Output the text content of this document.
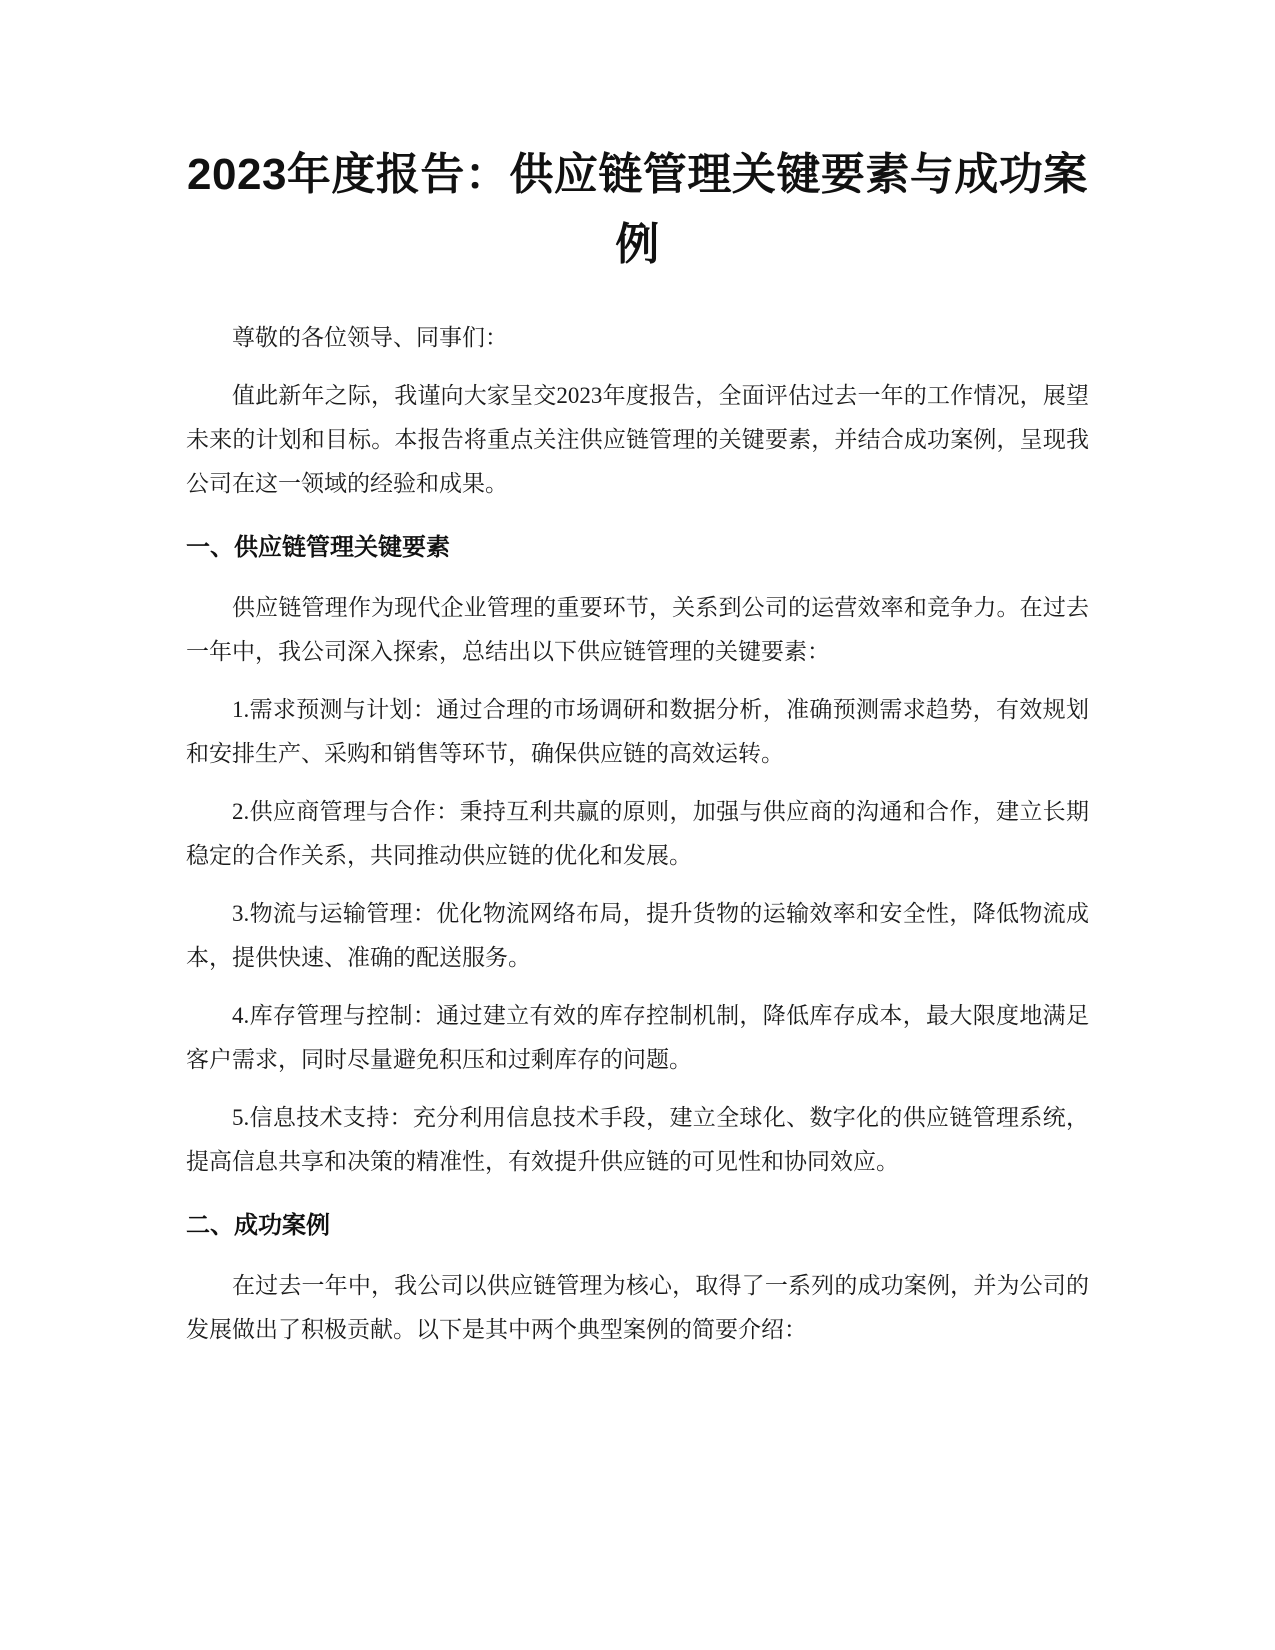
2023年度报告：供应链管理关键要素与成功案例

尊敬的各位领导、同事们：

值此新年之际，我谨向大家呈交2023年度报告，全面评估过去一年的工作情况，展望未来的计划和目标。本报告将重点关注供应链管理的关键要素，并结合成功案例，呈现我公司在这一领域的经验和成果。

一、供应链管理关键要素

供应链管理作为现代企业管理的重要环节，关系到公司的运营效率和竞争力。在过去一年中，我公司深入探索，总结出以下供应链管理的关键要素：

1.需求预测与计划：通过合理的市场调研和数据分析，准确预测需求趋势，有效规划和安排生产、采购和销售等环节，确保供应链的高效运转。

2.供应商管理与合作：秉持互利共赢的原则，加强与供应商的沟通和合作，建立长期稳定的合作关系，共同推动供应链的优化和发展。

3.物流与运输管理：优化物流网络布局，提升货物的运输效率和安全性，降低物流成本，提供快速、准确的配送服务。

4.库存管理与控制：通过建立有效的库存控制机制，降低库存成本，最大限度地满足客户需求，同时尽量避免积压和过剩库存的问题。

5.信息技术支持：充分利用信息技术手段，建立全球化、数字化的供应链管理系统，提高信息共享和决策的精准性，有效提升供应链的可见性和协同效应。

二、成功案例

在过去一年中，我公司以供应链管理为核心，取得了一系列的成功案例，并为公司的发展做出了积极贡献。以下是其中两个典型案例的简要介绍：
